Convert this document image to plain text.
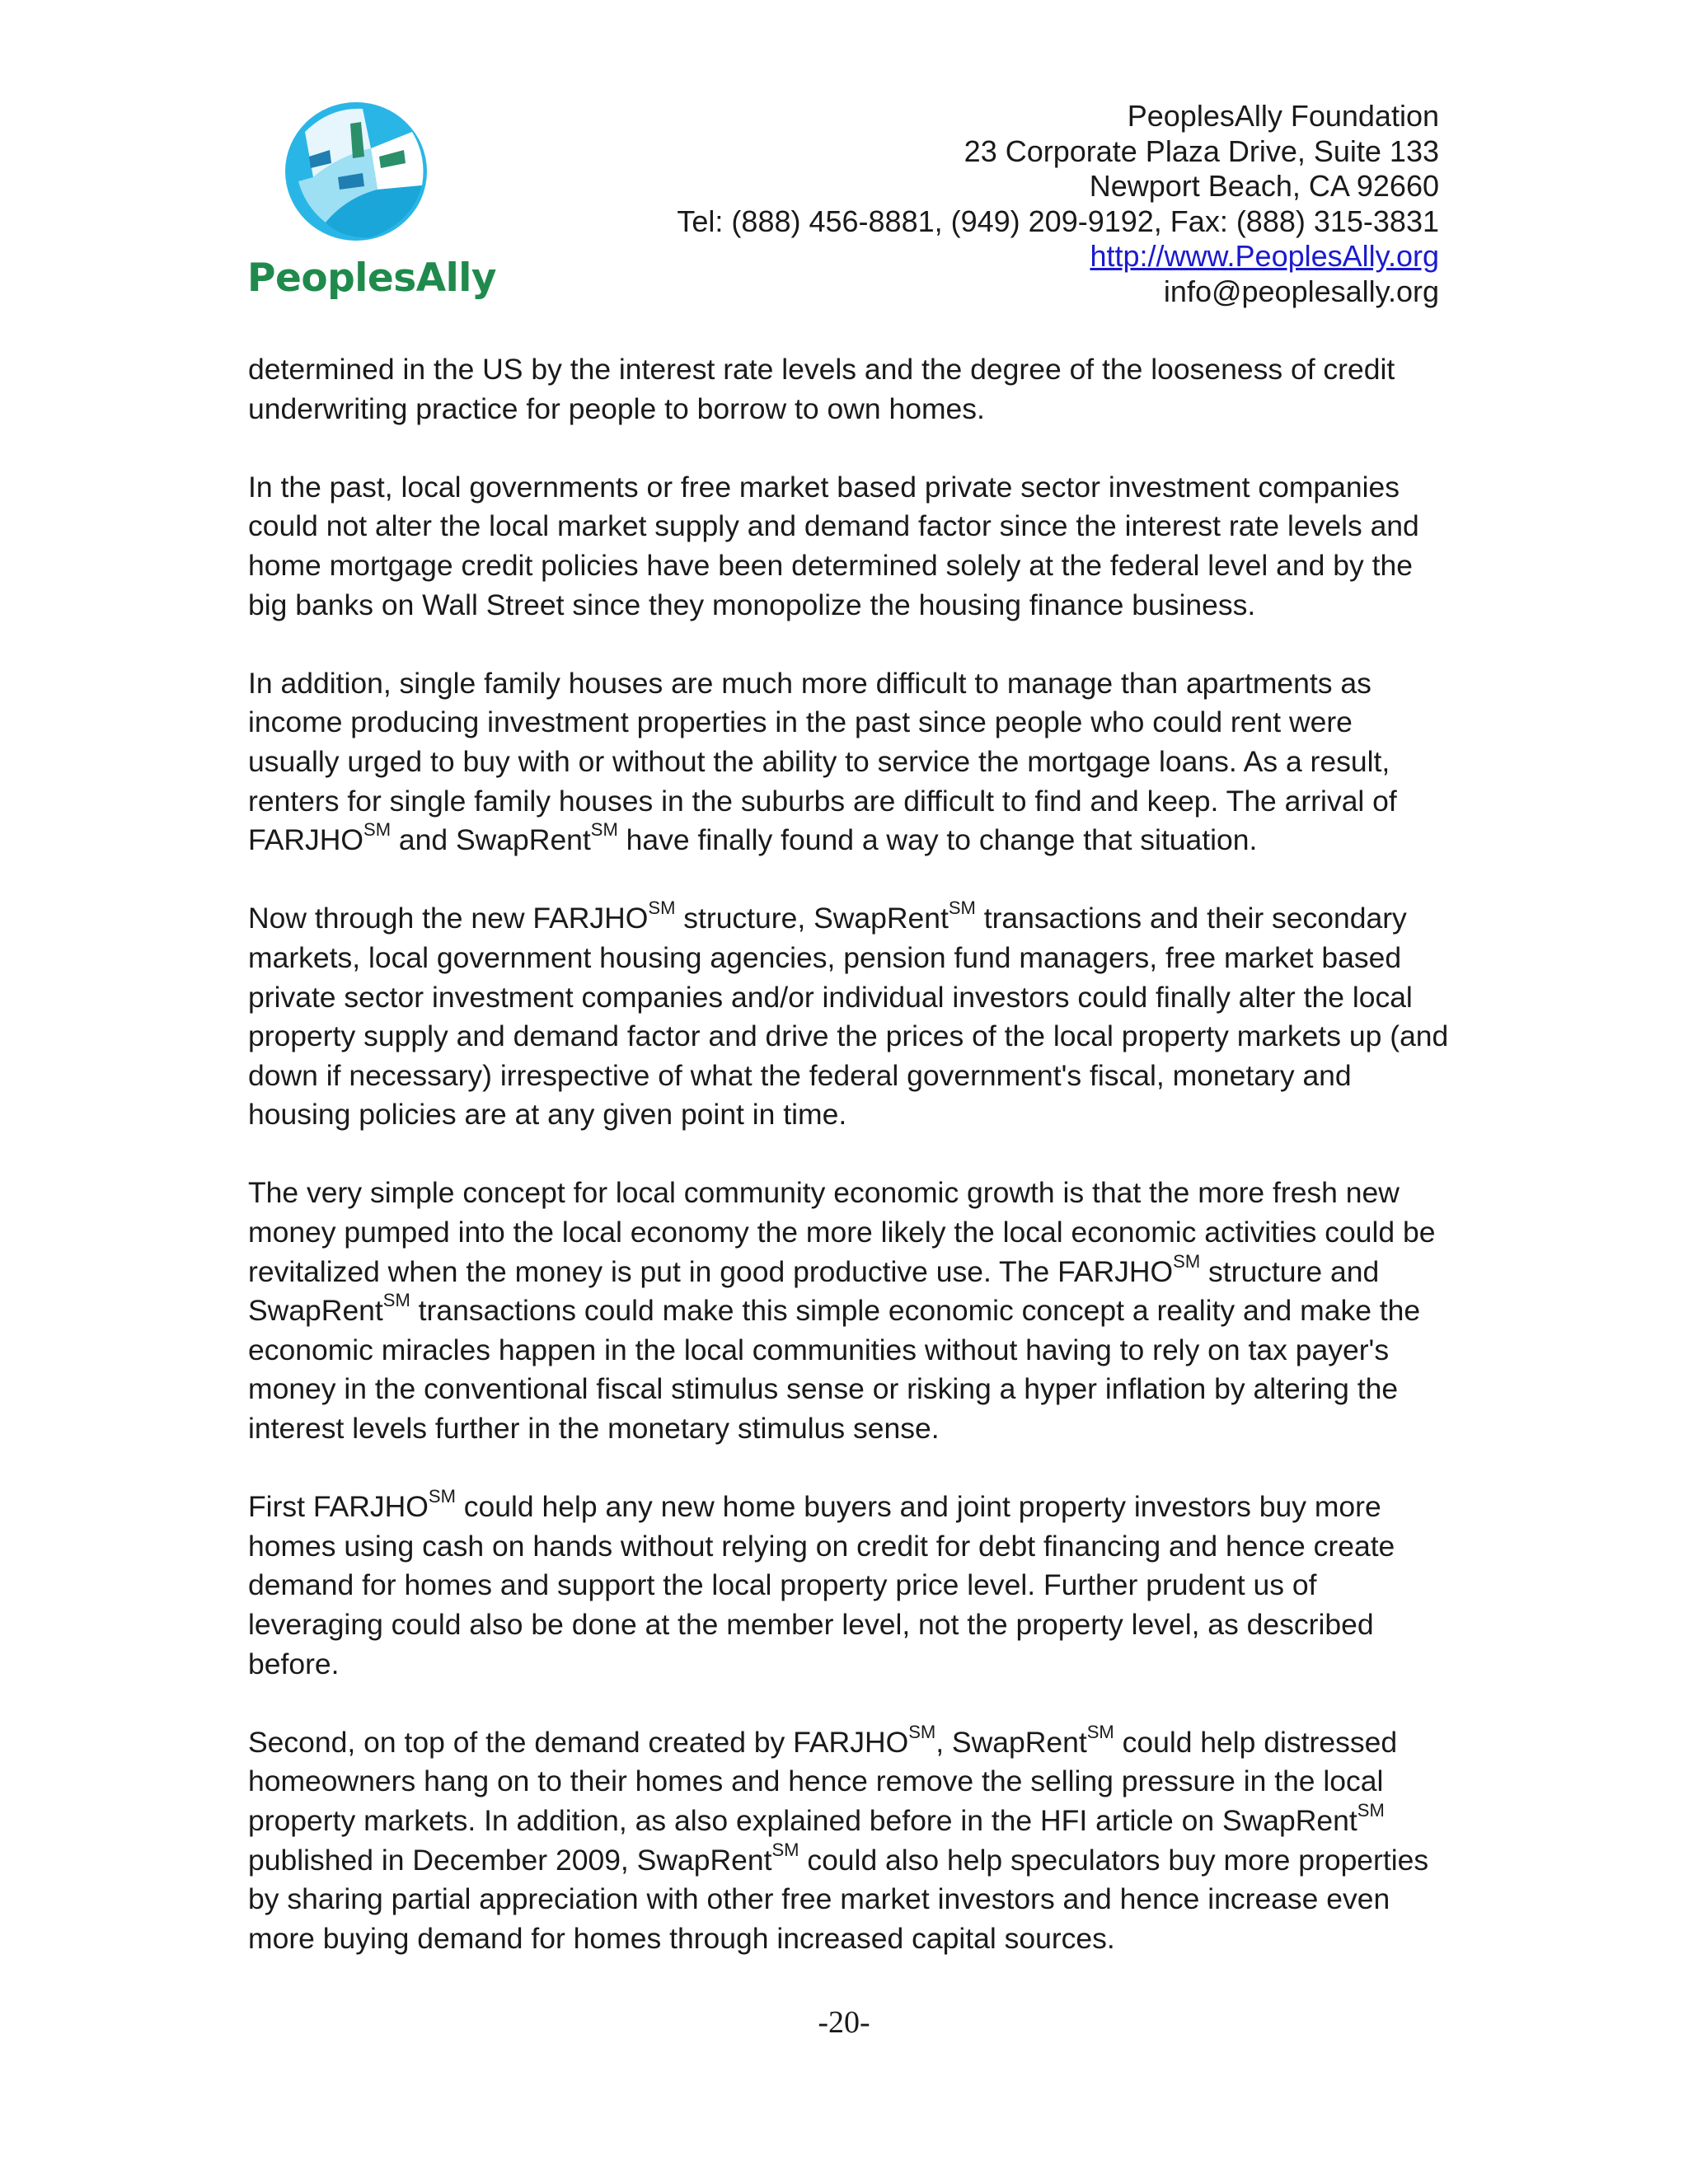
PeoplesAlly
PeoplesAlly Foundation
23 Corporate Plaza Drive, Suite 133
Newport Beach, CA 92660
Tel: (888) 456-8881, (949) 209-9192, Fax: (888) 315-3831
http://www.PeoplesAlly.org
info@peoplesally.org

determined in the US by the interest rate levels and the degree of the looseness of credit underwriting practice for people to borrow to own homes.

In the past, local governments or free market based private sector investment companies could not alter the local market supply and demand factor since the interest rate levels and home mortgage credit policies have been determined solely at the federal level and by the big banks on Wall Street since they monopolize the housing finance business.

In addition, single family houses are much more difficult to manage than apartments as income producing investment properties in the past since people who could rent were usually urged to buy with or without the ability to service the mortgage loans. As a result, renters for single family houses in the suburbs are difficult to find and keep. The arrival of FARJHO℠ and SwapRent℠ have finally found a way to change that situation.

Now through the new FARJHO℠ structure, SwapRent℠ transactions and their secondary markets, local government housing agencies, pension fund managers, free market based private sector investment companies and/or individual investors could finally alter the local property supply and demand factor and drive the prices of the local property markets up (and down if necessary) irrespective of what the federal government's fiscal, monetary and housing policies are at any given point in time.

The very simple concept for local community economic growth is that the more fresh new money pumped into the local economy the more likely the local economic activities could be revitalized when the money is put in good productive use. The FARJHO℠ structure and SwapRent℠ transactions could make this simple economic concept a reality and make the economic miracles happen in the local communities without having to rely on tax payer's money in the conventional fiscal stimulus sense or risking a hyper inflation by altering the interest levels further in the monetary stimulus sense.

First FARJHO℠ could help any new home buyers and joint property investors buy more homes using cash on hands without relying on credit for debt financing and hence create demand for homes and support the local property price level. Further prudent us of leveraging could also be done at the member level, not the property level, as described before.

Second, on top of the demand created by FARJHO℠, SwapRent℠ could help distressed homeowners hang on to their homes and hence remove the selling pressure in the local property markets. In addition, as also explained before in the HFI article on SwapRent℠ published in December 2009, SwapRent℠ could also help speculators buy more properties by sharing partial appreciation with other free market investors and hence increase even more buying demand for homes through increased capital sources.

-20-
